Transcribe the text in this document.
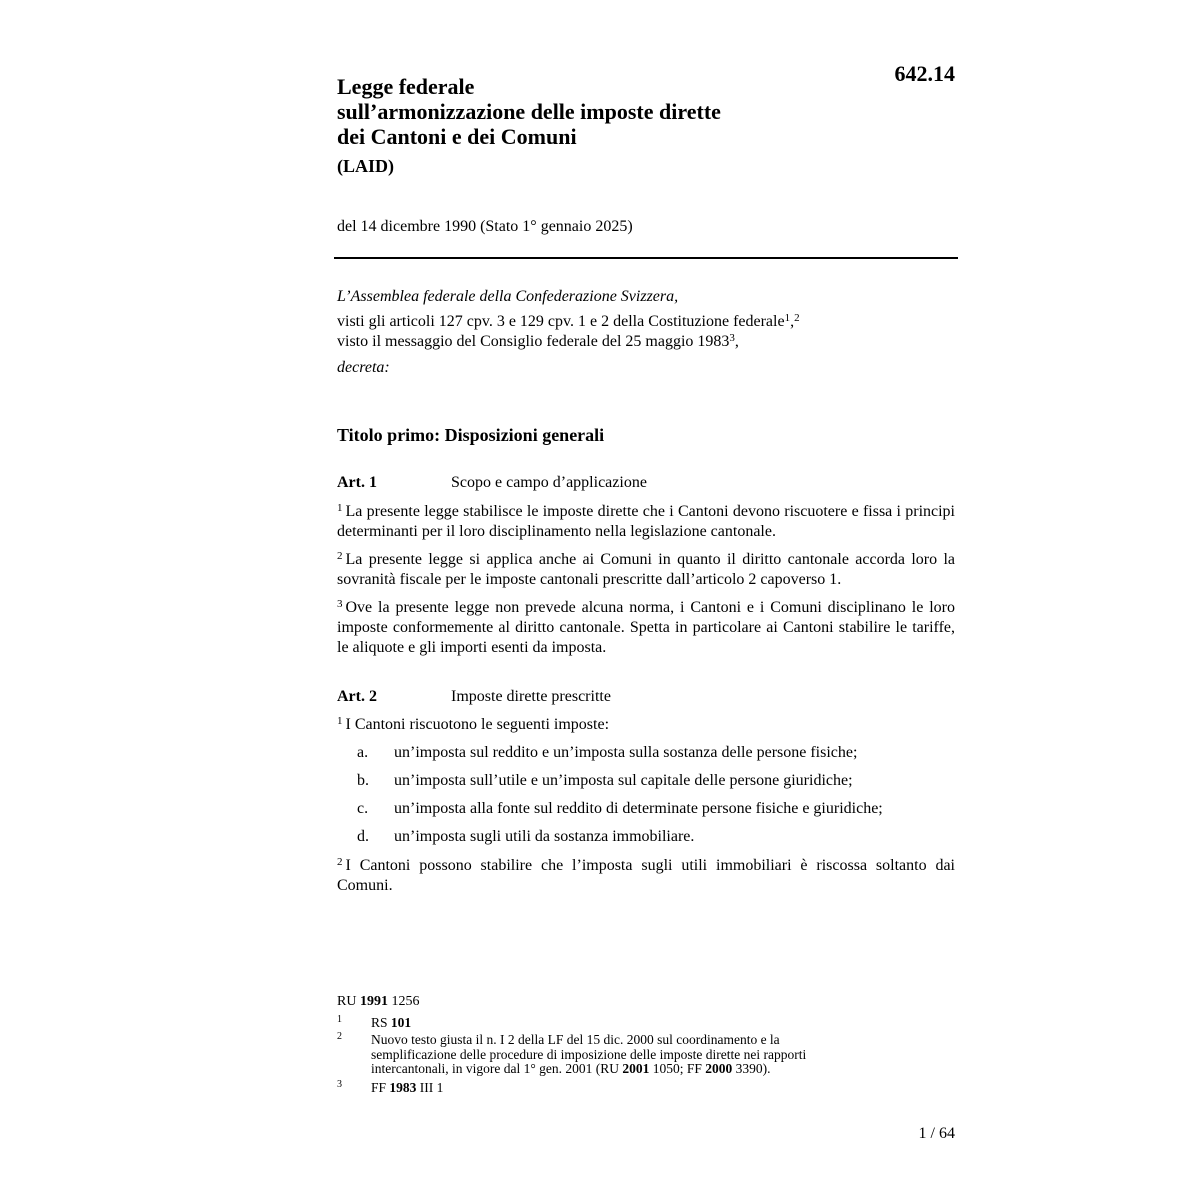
642.14
Legge federale
sull’armonizzazione delle imposte dirette
dei Cantoni e dei Comuni
(LAID)
del 14 dicembre 1990 (Stato 1° gennaio 2025)
L’Assemblea federale della Confederazione Svizzera,
visti gli articoli 127 cpv. 3 e 129 cpv. 1 e 2 della Costituzione federale$^1$,$^2$
visto il messaggio del Consiglio federale del 25 maggio 1983$^3$,
decreta:
Titolo primo: Disposizioni generali
Art. 1	Scopo e campo d’applicazione
$^1$ La presente legge stabilisce le imposte dirette che i Cantoni devono riscuotere e fissa i principi determinanti per il loro disciplinamento nella legislazione cantonale.
$^2$ La presente legge si applica anche ai Comuni in quanto il diritto cantonale accorda loro la sovranità fiscale per le imposte cantonali prescritte dall’articolo 2 capoverso 1.
$^3$ Ove la presente legge non prevede alcuna norma, i Cantoni e i Comuni disciplinano le loro imposte conformemente al diritto cantonale. Spetta in particolare ai Cantoni stabilire le tariffe, le aliquote e gli importi esenti da imposta.
Art. 2	Imposte dirette prescritte
$^1$ I Cantoni riscuotono le seguenti imposte:
a. un’imposta sul reddito e un’imposta sulla sostanza delle persone fisiche;
b. un’imposta sull’utile e un’imposta sul capitale delle persone giuridiche;
c. un’imposta alla fonte sul reddito di determinate persone fisiche e giuridiche;
d. un’imposta sugli utili da sostanza immobiliare.
$^2$ I Cantoni possono stabilire che l’imposta sugli utili immobiliari è riscossa soltanto dai Comuni.
RU 1991 1256
1 RS 101
2 Nuovo testo giusta il n. I 2 della LF del 15 dic. 2000 sul coordinamento e la
semplificazione delle procedure di imposizione delle imposte dirette nei rapporti
intercantonali, in vigore dal 1° gen. 2001 (RU 2001 1050; FF 2000 3390).
3 FF 1983 III 1
1 / 64
